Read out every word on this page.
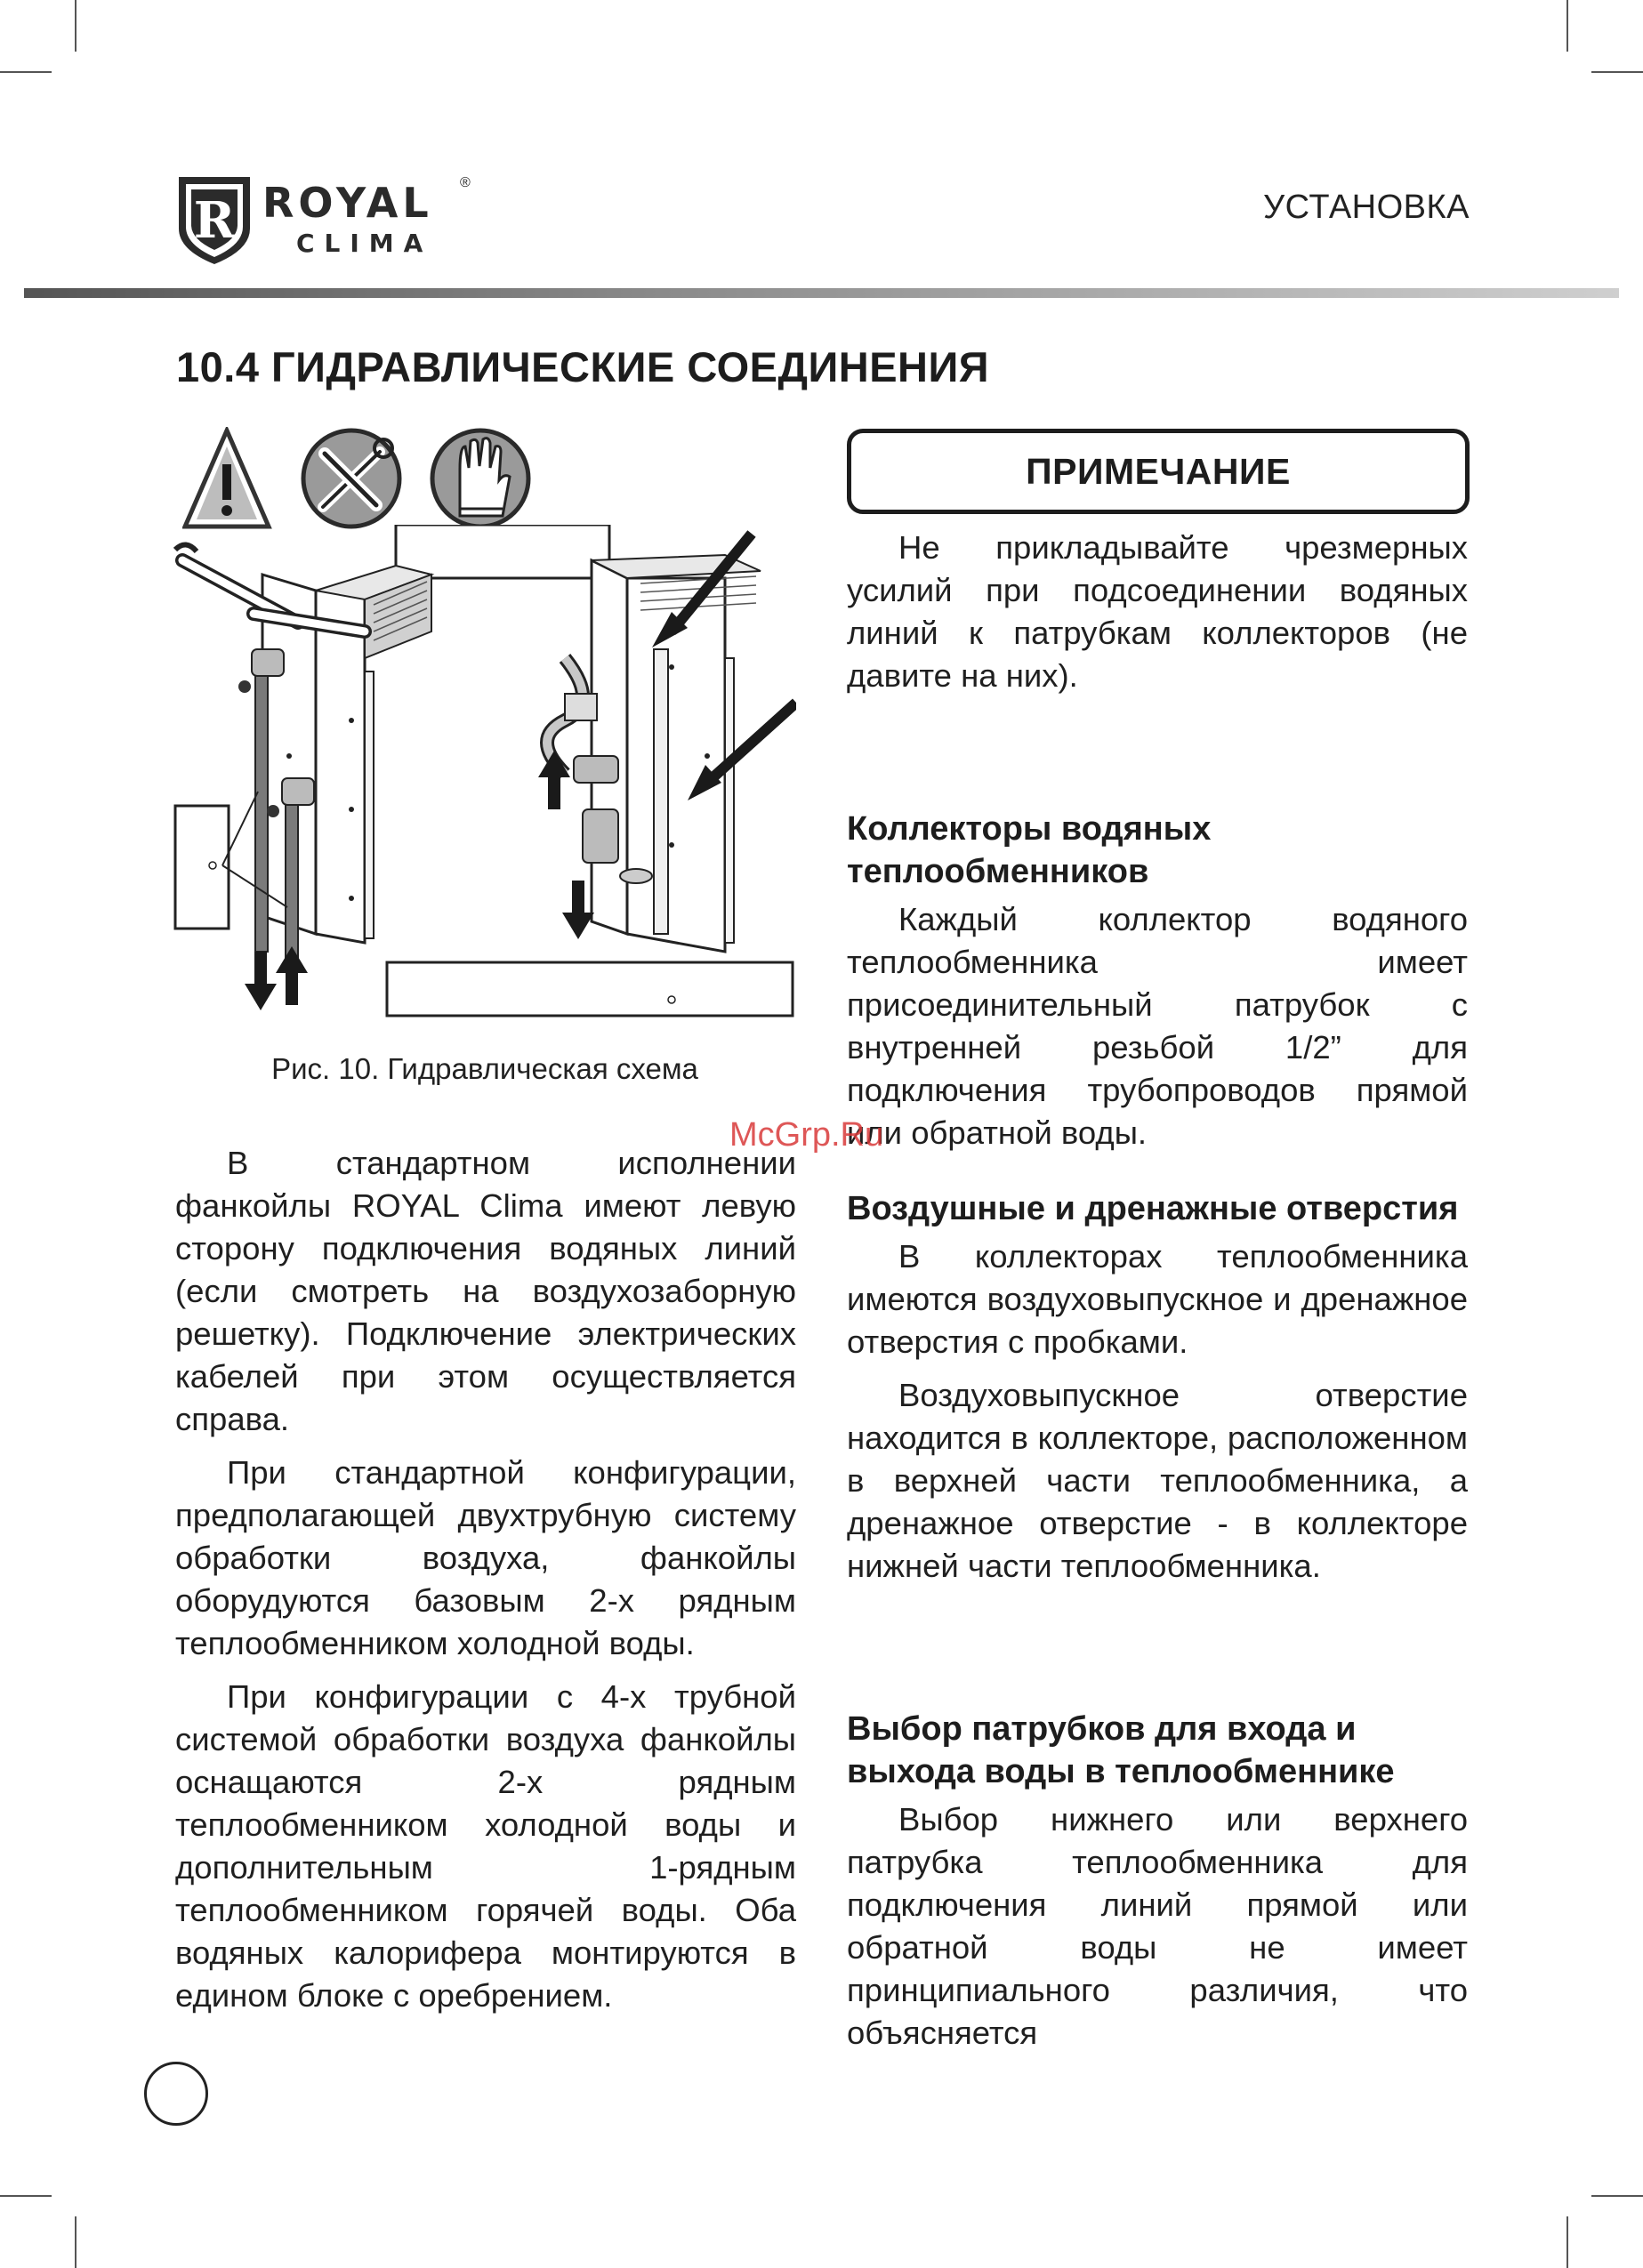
R ROYAL ®
CLIMA
УСТАНОВКА
10.4 ГИДРАВЛИЧЕСКИЕ СОЕДИНЕНИЯ
Рис. 10. Гидравлическая схема

В стандартном исполнении фанкойлы ROYAL Clima имеют левую сторону подключения водяных линий (если смотреть на воздухозаборную решетку). Подключение электрических кабелей при этом осуществляется справа.

При стандартной конфигурации, предполагающей двухтрубную систему обработки воздуха, фанкойлы оборудуются базовым 2-х рядным теплообменником холодной воды.

При конфигурации с 4-х трубной системой обработки воздуха фанкойлы оснащаются 2-х рядным теплообменником холодной воды и дополнительным 1-рядным теплообменником горячей воды. Оба водяных калорифера монтируются в едином блоке с оребрением.

ПРИМЕЧАНИЕ

Не прикладывайте чрезмерных усилий при подсоединении водяных линий к патрубкам коллекторов (не давите на них).

Коллекторы водяных теплообменников

Каждый коллектор водяного теплообменника имеет присоединительный патрубок с внутренней резьбой 1/2” для подключения трубопроводов прямой или обратной воды.

Воздушные и дренажные отверстия

В коллекторах теплообменника имеются воздуховыпускное и дренажное отверстия с пробками.

Воздуховыпускное отверстие находится в коллекторе, расположенном в верхней части теплообменника, а дренажное отверстие - в коллекторе нижней части теплообменника.

Выбор патрубков для входа и выхода воды в теплообменнике

Выбор нижнего или верхнего патрубка теплообменника для подключения линий прямой или обратной воды не имеет принципиального различия, что объясняется

McGrp.Ru
